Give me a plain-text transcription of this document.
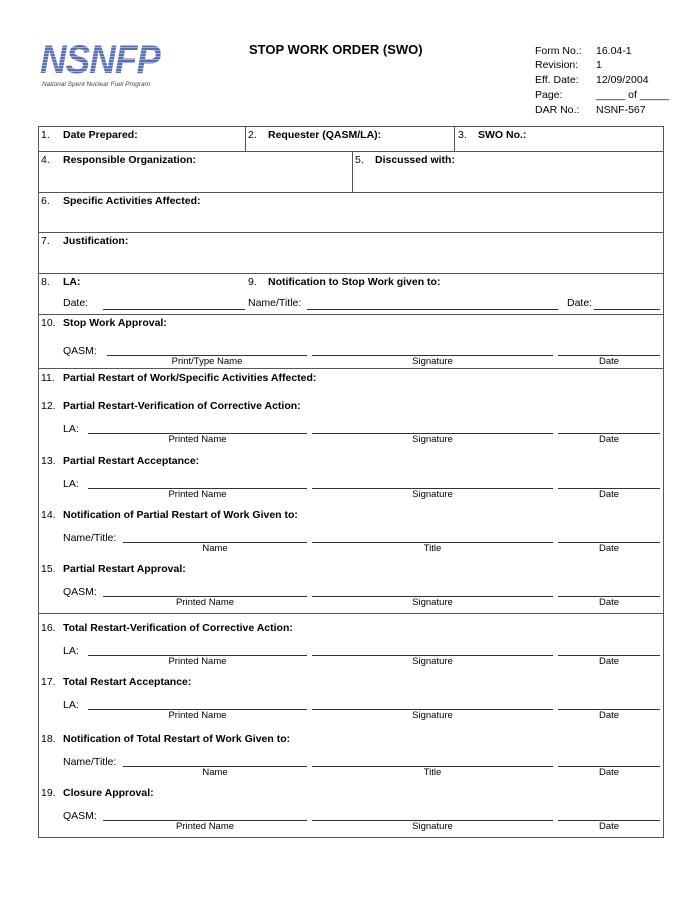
NSNFP
National Spent Nuclear Fuel Program
STOP WORK ORDER (SWO)	Form No.: 16.04-1
Revision: 1
Eff. Date: 12/09/2004
Page:	_____ of _____
DAR No.: NSNF-567
1. Date Prepared:	2. Requester (QASM/LA):	3. SWO No.:
4. Responsible Organization:	5. Discussed with:
6. Specific Activities Affected:
7. Justification:
8. LA:	9. Notification to Stop Work given to:
Date:	Name/Title:	Date:
10. Stop Work Approval:
QASM:
Print/Type Name	Signature	Date
11. Partial Restart of Work/Specific Activities Affected:
12. Partial Restart-Verification of Corrective Action:
LA:
Printed Name	Signature	Date
13. Partial Restart Acceptance:
LA:
Printed Name	Signature	Date
14. Notification of Partial Restart of Work Given to:
Name/Title:
Name	Title	Date
15. Partial Restart Approval:
QASM:
Printed Name	Signature	Date
16. Total Restart-Verification of Corrective Action:
LA:
Printed Name	Signature	Date
17. Total Restart Acceptance:
LA:
Printed Name	Signature	Date
18. Notification of Total Restart of Work Given to:
Name/Title:
Name	Title	Date
19. Closure Approval:
QASM:
Printed Name	Signature	Date
